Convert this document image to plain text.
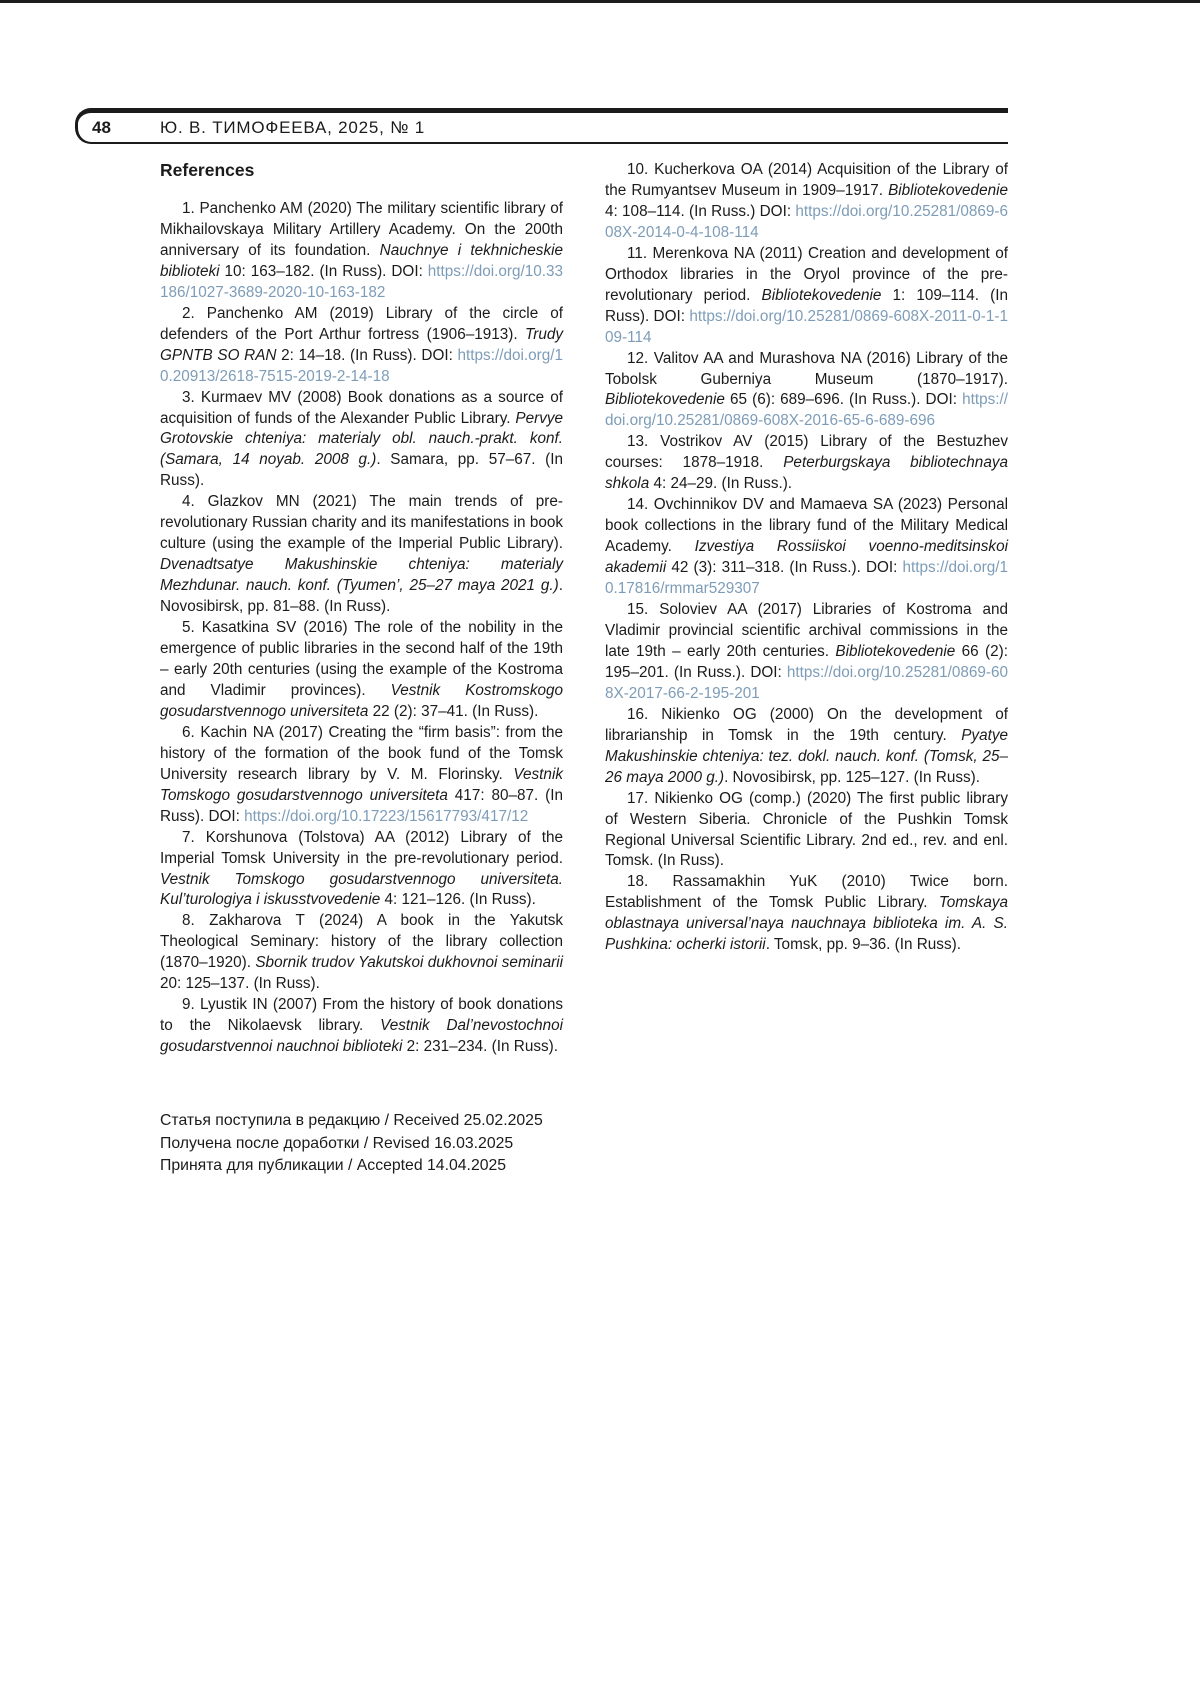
48	Ю. В. ТИМОФЕЕВА, 2025, № 1
References

1. Panchenko AM (2020) The military scientific library of Mikhailovskaya Military Artillery Academy. On the 200th anniversary of its foundation. Nauchnye i tekhnicheskie biblioteki 10: 163–182. (In Russ). DOI: https://doi.org/10.33186/1027-3689-2020-10-163-182

2. Panchenko AM (2019) Library of the circle of defenders of the Port Arthur fortress (1906–1913). Trudy GPNTB SO RAN 2: 14–18. (In Russ). DOI: https://doi.org/10.20913/2618-7515-2019-2-14-18

3. Kurmaev MV (2008) Book donations as a source of acquisition of funds of the Alexander Public Library. Pervye Grotovskie chteniya: materialy obl. nauch.-prakt. konf. (Samara, 14 noyab. 2008 g.). Samara, pp. 57–67. (In Russ).

4. Glazkov MN (2021) The main trends of pre-revolutionary Russian charity and its manifestations in book culture (using the example of the Imperial Public Library). Dvenadtsatye Makushinskie chteniya: materialy Mezhdunar. nauch. konf. (Tyumen’, 25–27 maya 2021 g.). Novosibirsk, pp. 81–88. (In Russ).

5. Kasatkina SV (2016) The role of the nobility in the emergence of public libraries in the second half of the 19th – early 20th centuries (using the example of the Kostroma and Vladimir provinces). Vestnik Kostromskogo gosudarstvennogo universiteta 22 (2): 37–41. (In Russ).

6. Kachin NA (2017) Creating the “firm basis”: from the history of the formation of the book fund of the Tomsk University research library by V. M. Florinsky. Vestnik Tomskogo gosudarstvennogo universiteta 417: 80–87. (In Russ). DOI: https://doi.org/10.17223/15617793/417/12

7. Korshunova (Tolstova) AA (2012) Library of the Imperial Tomsk University in the pre-revolutionary period. Vestnik Tomskogo gosudarstvennogo universiteta. Kul’turologiya i iskusstvovedenie 4: 121–126. (In Russ).

8. Zakharova T (2024) A book in the Yakutsk Theological Seminary: history of the library collection (1870–1920). Sbornik trudov Yakutskoi dukhovnoi seminarii 20: 125–137. (In Russ).

9. Lyustik IN (2007) From the history of book donations to the Nikolaevsk library. Vestnik Dal’nevostochnoi gosudarstvennoi nauchnoi biblioteki 2: 231–234. (In Russ).

Статья поступила в редакцию / Received 25.02.2025
Получена после доработки / Revised 16.03.2025
Принята для публикации / Accepted 14.04.2025

10. Kucherkova OA (2014) Acquisition of the Library of the Rumyantsev Museum in 1909–1917. Bibliotekovedenie 4: 108–114. (In Russ.) DOI: https://doi.org/10.25281/0869-608X-2014-0-4-108-114

11. Merenkova NA (2011) Creation and development of Orthodox libraries in the Oryol province of the pre-revolutionary period. Bibliotekovedenie 1: 109–114. (In Russ). DOI: https://doi.org/10.25281/0869-608X-2011-0-1-109-114

12. Valitov AA and Murashova NA (2016) Library of the Tobolsk Guberniya Museum (1870–1917). Bibliotekovedenie 65 (6): 689–696. (In Russ.). DOI: https://doi.org/10.25281/0869-608X-2016-65-6-689-696

13. Vostrikov AV (2015) Library of the Bestuzhev courses: 1878–1918. Peterburgskaya bibliotechnaya shkola 4: 24–29. (In Russ.).

14. Ovchinnikov DV and Mamaeva SA (2023) Personal book collections in the library fund of the Military Medical Academy. Izvestiya Rossiiskoi voenno-meditsinskoi akademii 42 (3): 311–318. (In Russ.). DOI: https://doi.org/10.17816/rmmar529307

15. Soloviev AA (2017) Libraries of Kostroma and Vladimir provincial scientific archival commissions in the late 19th – early 20th centuries. Bibliotekovedenie 66 (2): 195–201. (In Russ.). DOI: https://doi.org/10.25281/0869-608X-2017-66-2-195-201

16. Nikienko OG (2000) On the development of librarianship in Tomsk in the 19th century. Pyatye Makushinskie chteniya: tez. dokl. nauch. konf. (Tomsk, 25–26 maya 2000 g.). Novosibirsk, pp. 125–127. (In Russ).

17. Nikienko OG (comp.) (2020) The first public library of Western Siberia. Chronicle of the Pushkin Tomsk Regional Universal Scientific Library. 2nd ed., rev. and enl. Tomsk. (In Russ).

18. Rassamakhin YuK (2010) Twice born. Establishment of the Tomsk Public Library. Tomskaya oblastnaya universal’naya nauchnaya biblioteka im. A. S. Pushkina: ocherki istorii. Tomsk, pp. 9–36. (In Russ).
